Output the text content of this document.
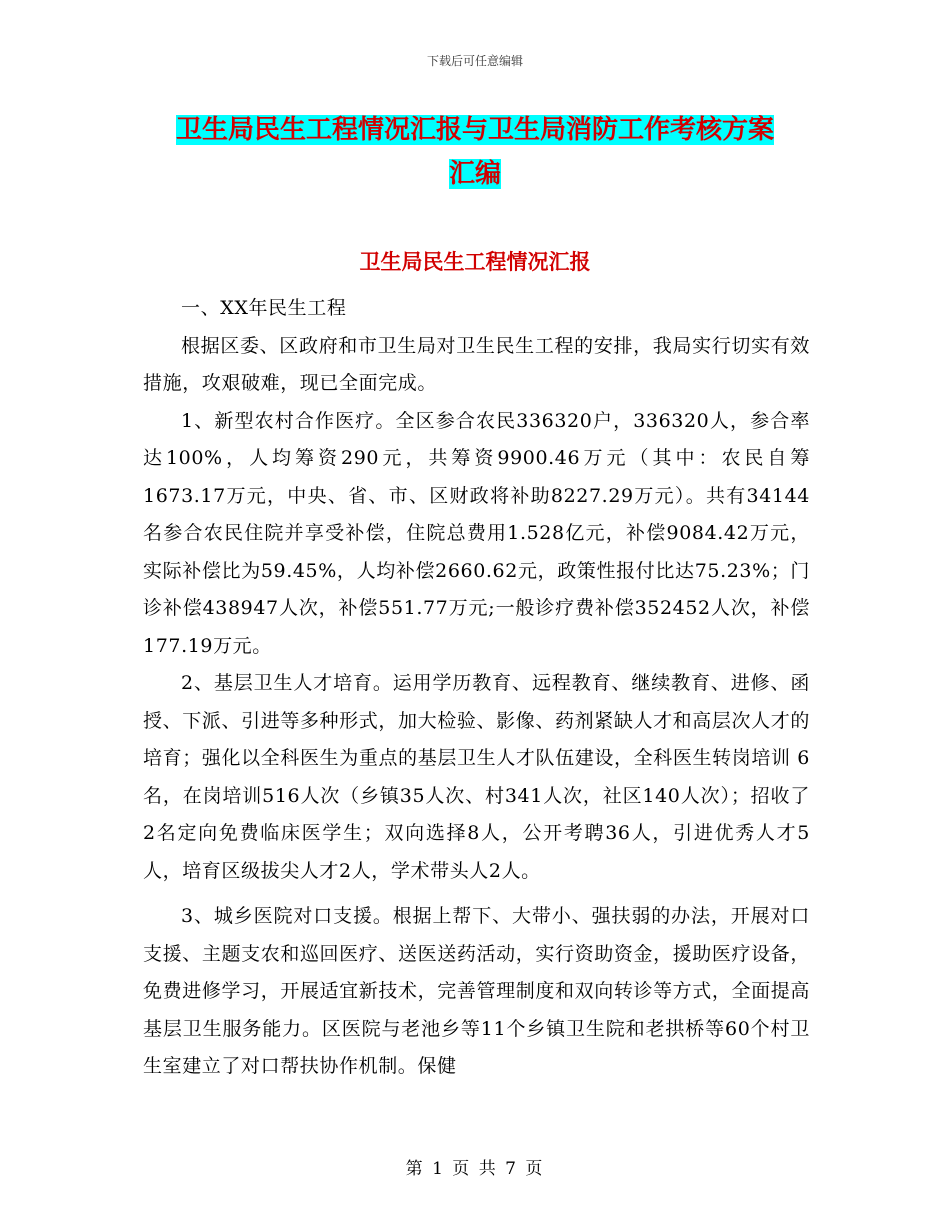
下载后可任意编辑
卫生局民生工程情况汇报与卫生局消防工作考核方案
汇编
卫生局民生工程情况汇报

一、XX年民生工程

根据区委、区政府和市卫生局对卫生民生工程的安排，我局实行切实有效措施，攻艰破难，现已全面完成。

1、新型农村合作医疗。全区参合农民336320户，336320人，参合率达100%，人均筹资290元，共筹资9900.46万元（其中：农民自筹1673.17万元，中央、省、市、区财政将补助8227.29万元）。共有34144名参合农民住院并享受补偿，住院总费用1.528亿元，补偿9084.42万元，实际补偿比为59.45%，人均补偿2660.62元，政策性报付比达75.23%；门诊补偿438947人次，补偿551.77万元;一般诊疗费补偿352452人次，补偿177.19万元。

2、基层卫生人才培育。运用学历教育、远程教育、继续教育、进修、函授、下派、引进等多种形式，加大检验、影像、药剂紧缺人才和高层次人才的培育；强化以全科医生为重点的基层卫生人才队伍建设，全科医生转岗培训 6名，在岗培训516人次（乡镇35人次、村341人次，社区140人次）；招收了2名定向免费临床医学生；双向选择8人，公开考聘36人，引进优秀人才5人，培育区级拔尖人才2人，学术带头人2人。

3、城乡医院对口支援。根据上帮下、大带小、强扶弱的办法，开展对口支援、主题支农和巡回医疗、送医送药活动，实行资助资金，援助医疗设备，免费进修学习，开展适宜新技术，完善管理制度和双向转诊等方式，全面提高基层卫生服务能力。区医院与老池乡等11个乡镇卫生院和老拱桥等60个村卫生室建立了对口帮扶协作机制。保健

第 1 页 共 7 页
